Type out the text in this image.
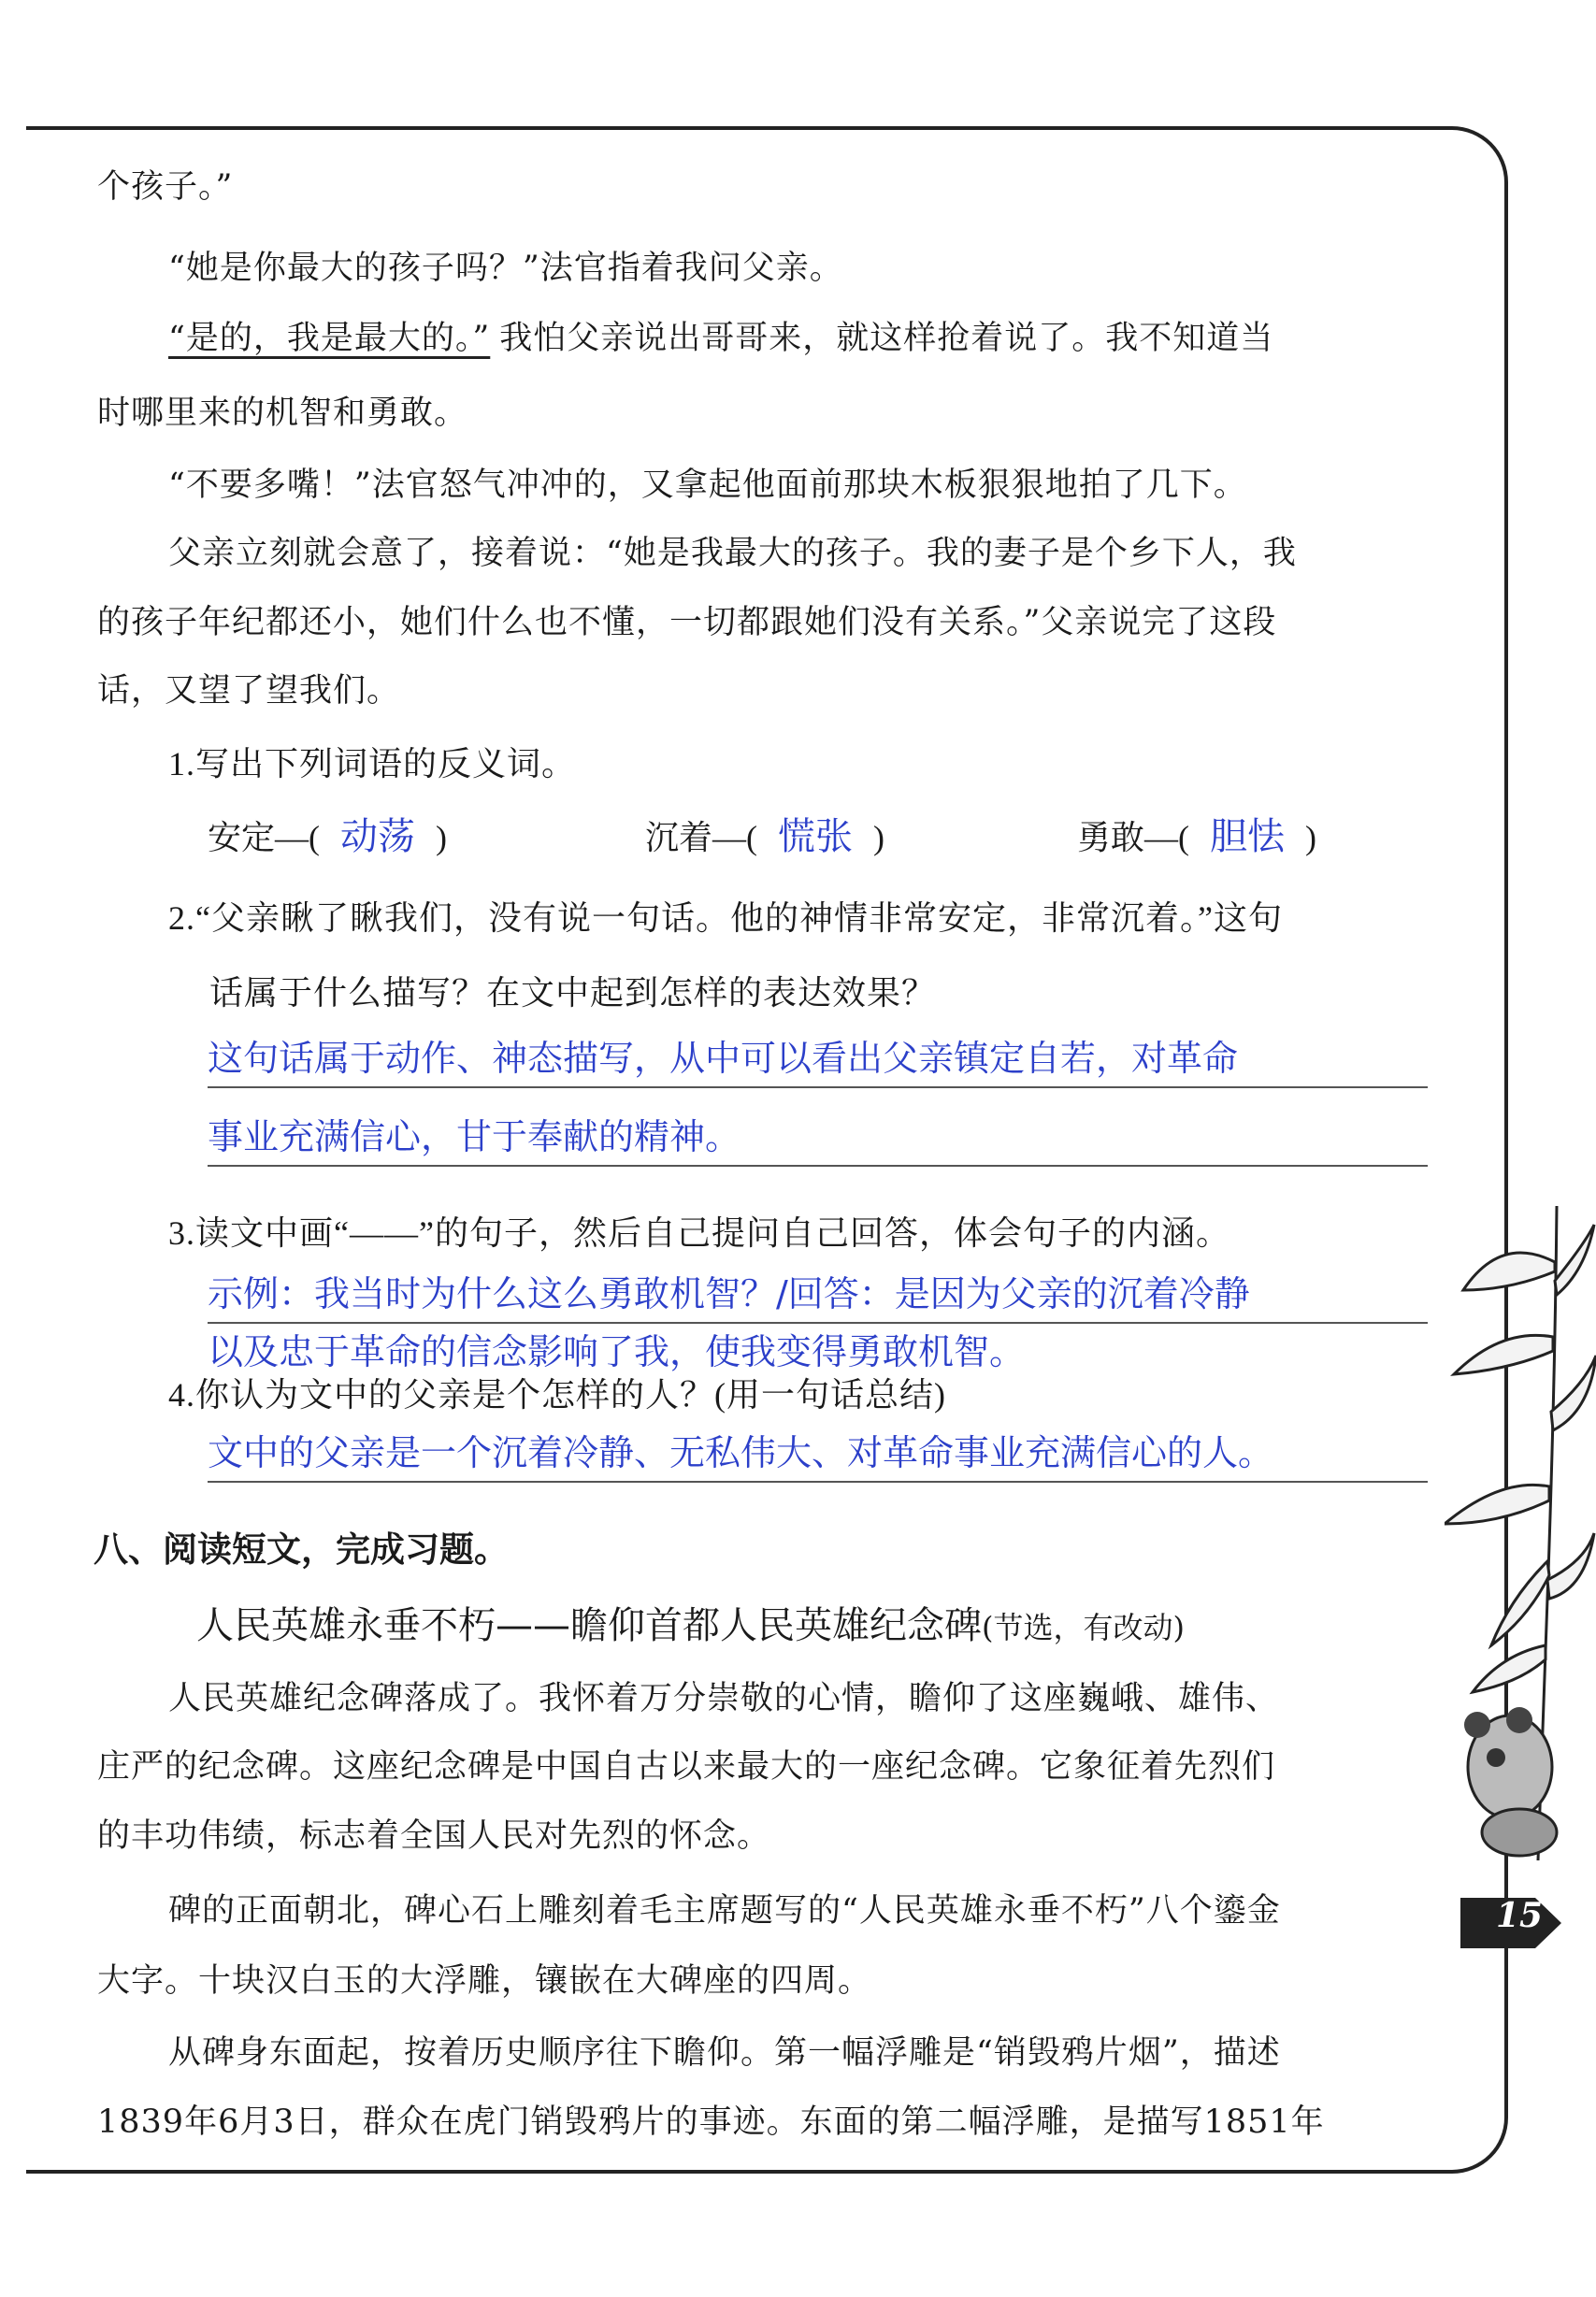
个孩子。”
“她是你最大的孩子吗？”法官指着我问父亲。
“是的，我是最大的。” 我怕父亲说出哥哥来，就这样抢着说了。我不知道当
时哪里来的机智和勇敢。
“不要多嘴！”法官怒气冲冲的，又拿起他面前那块木板狠狠地拍了几下。
父亲立刻就会意了，接着说：“她是我最大的孩子。我的妻子是个乡下人，我
的孩子年纪都还小，她们什么也不懂，一切都跟她们没有关系。”父亲说完了这段
话，又望了望我们。
1.写出下列词语的反义词。
安定—( 动荡 )	沉着—( 慌张 )	勇敢—( 胆怯 )
2.“父亲瞅了瞅我们，没有说一句话。他的神情非常安定，非常沉着。”这句
话属于什么描写？在文中起到怎样的表达效果？
这句话属于动作、神态描写，从中可以看出父亲镇定自若，对革命
事业充满信心，甘于奉献的精神。
3.读文中画“——”的句子，然后自己提问自己回答，体会句子的内涵。
示例：我当时为什么这么勇敢机智？/回答：是因为父亲的沉着冷静
以及忠于革命的信念影响了我，使我变得勇敢机智。
4.你认为文中的父亲是个怎样的人？(用一句话总结)
文中的父亲是一个沉着冷静、无私伟大、对革命事业充满信心的人。
八、阅读短文，完成习题。
人民英雄永垂不朽——瞻仰首都人民英雄纪念碑(节选，有改动)
人民英雄纪念碑落成了。我怀着万分崇敬的心情，瞻仰了这座巍峨、雄伟、
庄严的纪念碑。这座纪念碑是中国自古以来最大的一座纪念碑。它象征着先烈们
的丰功伟绩，标志着全国人民对先烈的怀念。
碑的正面朝北，碑心石上雕刻着毛主席题写的“人民英雄永垂不朽”八个鎏金
大字。十块汉白玉的大浮雕，镶嵌在大碑座的四周。
从碑身东面起，按着历史顺序往下瞻仰。第一幅浮雕是“销毁鸦片烟”，描述
1839年6月3日，群众在虎门销毁鸦片的事迹。东面的第二幅浮雕，是描写1851年
15
